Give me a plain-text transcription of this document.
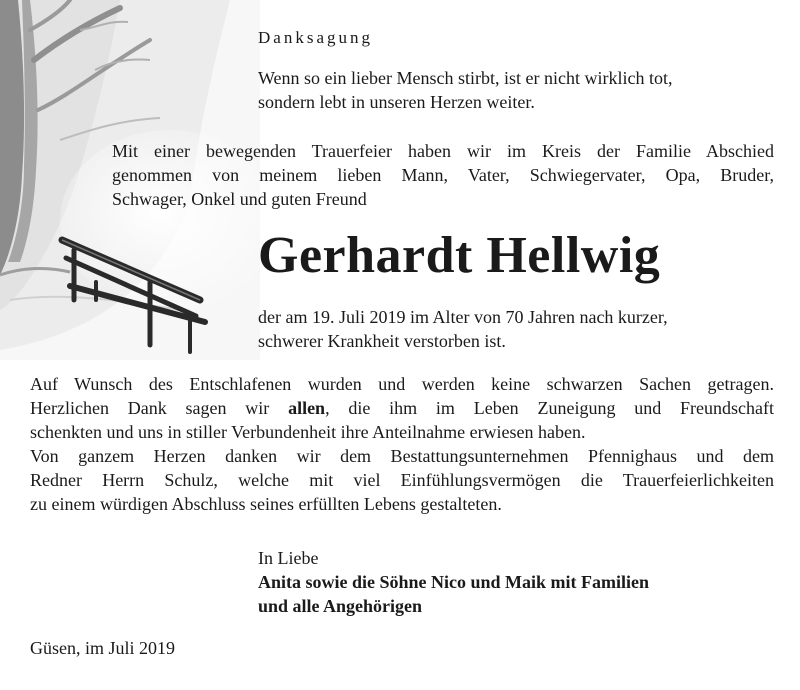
Danksagung
Wenn so ein lieber Mensch stirbt, ist er nicht wirklich tot,
sondern lebt in unseren Herzen weiter.
Mit einer bewegenden Trauerfeier haben wir im Kreis der Familie Abschied
genommen von meinem lieben Mann, Vater, Schwiegervater, Opa, Bruder,
Schwager, Onkel und guten Freund
Gerhardt Hellwig
der am 19. Juli 2019 im Alter von 70 Jahren nach kurzer,
schwerer Krankheit verstorben ist.

Auf Wunsch des Entschlafenen wurden und werden keine schwarzen Sachen getragen.

Herzlichen Dank sagen wir allen, die ihm im Leben Zuneigung und Freundschaft

schenkten und uns in stiller Verbundenheit ihre Anteilnahme erwiesen haben.

Von ganzem Herzen danken wir dem Bestattungsunternehmen Pfennighaus und dem

Redner Herrn Schulz, welche mit viel Einfühlungsvermögen die Trauerfeierlichkeiten

zu einem würdigen Abschluss seines erfüllten Lebens gestalteten.

In Liebe
Anita sowie die Söhne Nico und Maik mit Familien
und alle Angehörigen
Güsen, im Juli 2019
